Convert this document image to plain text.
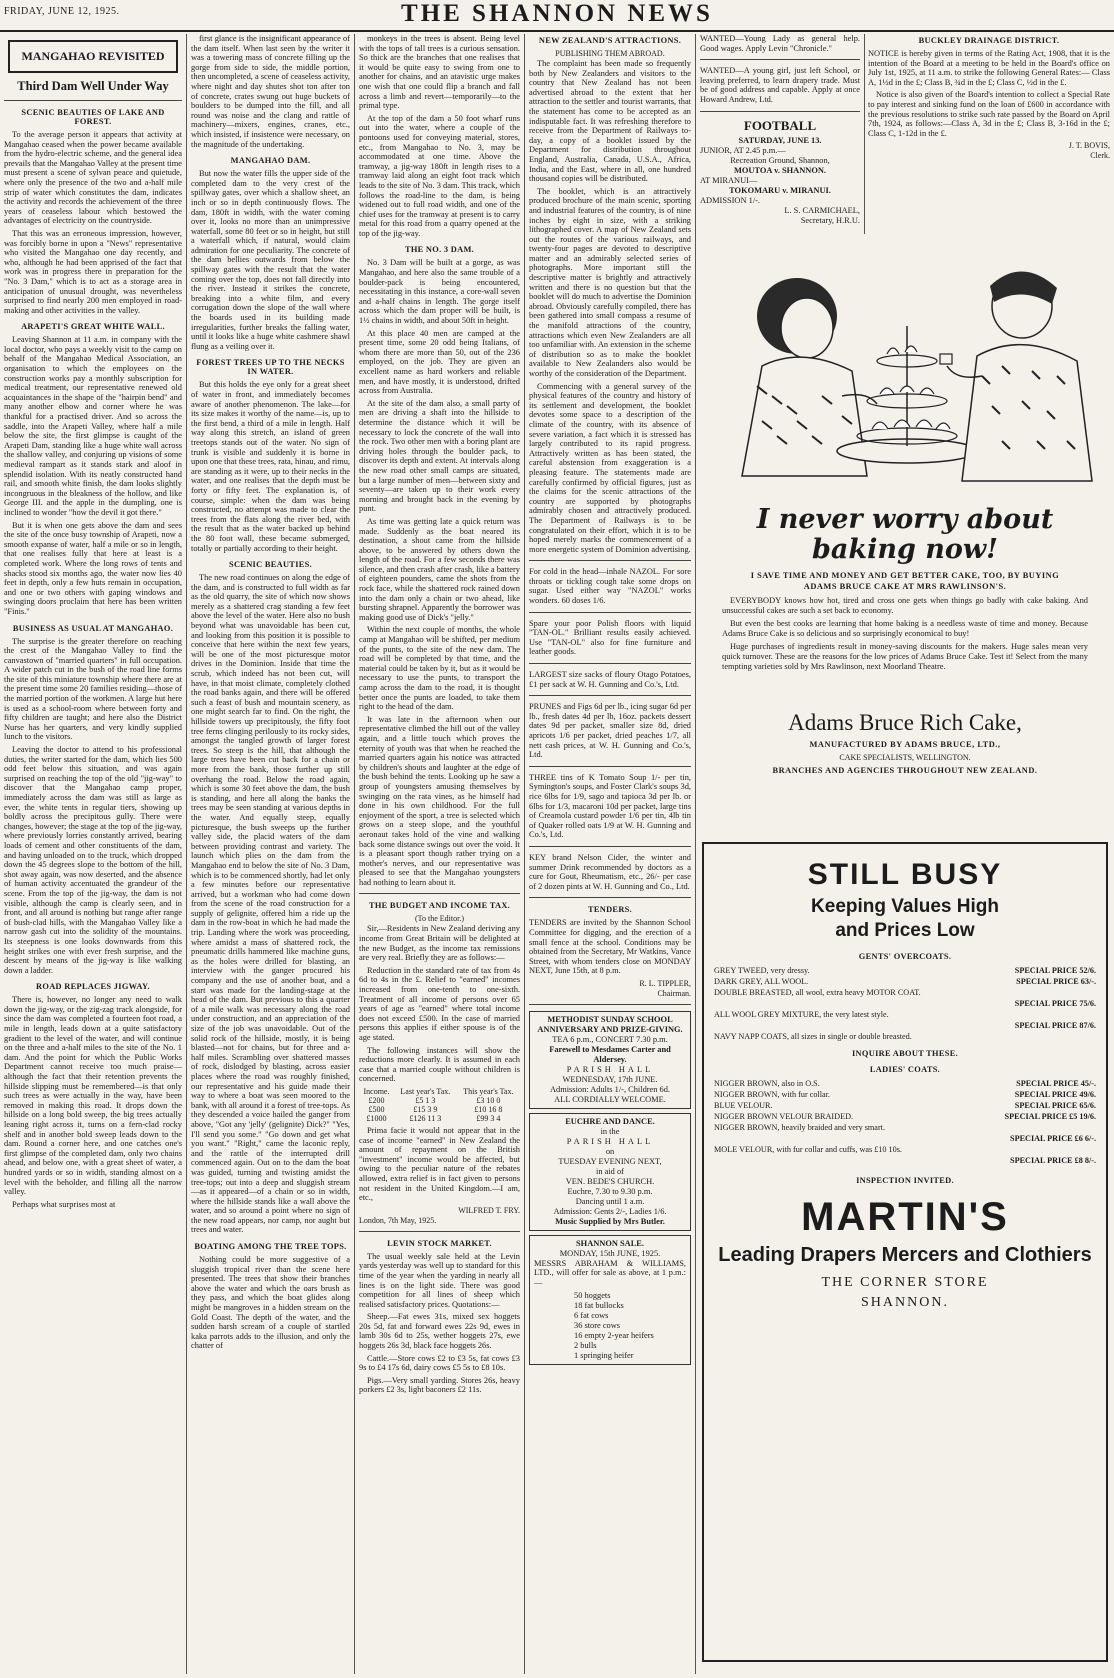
FRIDAY, JUNE 12, 1925.	THE SHANNON NEWS
MANGAHAO REVISITED
Third Dam Well Under Way
SCENIC BEAUTIES OF LAKE AND FOREST.

To the average person it appears that activity at Mangahao ceased when the power became available from the hydro-electric scheme, and the general idea prevails that the Mangahao Valley at the present time must present a scene of sylvan peace and quietude, where only the presence of the two and a-half mile strip of water which constitutes the dam, indicates the activity and records the achievement of the three years of ceaseless labour which bestowed the advantages of electricity on the countryside.

That this was an erroneous impression, however, was forcibly borne in upon a "News" representative who visited the Mangahao one day recently, and who, although he had been apprised of the fact that work was in progress there in preparation for the "No. 3 Dam," which is to act as a storage area in anticipation of unusual drought, was nevertheless surprised to find nearly 200 men employed in road-making and other activities in the valley.

ARAPETI'S GREAT WHITE WALL.

Leaving Shannon at 11 a.m. in company with the local doctor, who pays a weekly visit to the camp on behalf of the Mangahao Medical Association, an organisation to which the employees on the construction works pay a monthly subscription for medical treatment, our representative renewed old acquaintances in the shape of the "hairpin bend" and many another elbow and corner where he was thankful for a practised driver. And so across the saddle, into the Arapeti Valley, where half a mile below the site, the first glimpse is caught of the Arapeti Dam, standing like a huge white wall across the shallow valley, and conjuring up visions of some medieval rampart as it stands stark and aloof in splendid isolation. With its neatly constructed hand rail, and smooth white finish, the dam looks slightly incongruous in the bleakness of the hollow, and like George III. and the apple in the dumpling, one is inclined to wonder "how the devil it got there."

But it is when one gets above the dam and sees the site of the once busy township of Arapeti, now a smooth expanse of water, half a mile or so in length, that one realises fully that here at least is a completed work. Where the long rows of tents and shacks stood six months ago, the water now lies 40 feet in depth, only a few huts remain in occupation, and one or two others with gaping windows and swinging doors proclaim that here has been written "Finis."

BUSINESS AS USUAL AT MANGAHAO.

The surprise is the greater therefore on reaching the crest of the Mangahao Valley to find the canvastown of "married quarters" in full occupation. A wider patch cut in the bush of the road line forms the site of this miniature township where there are at the present time some 20 families residing—those of the married portion of the workmen. A large hut here is used as a school-room where between forty and fifty children are taught; and here also the District Nurse has her quarters, and very kindly supplied lunch to the visitors.

Leaving the doctor to attend to his professional duties, the writer started for the dam, which lies 500 odd feet below this situation, and was again surprised on reaching the top of the old "jig-way" to discover that the Mangahao camp proper, immediately across the dam was still as large as ever, the white tents in regular tiers, showing up boldly across the precipitous gully. There were changes, however; the stage at the top of the jig-way, where previously lorries constantly arrived, bearing loads of cement and other constituents of the dam, and having unloaded on to the truck, which dropped down the 45 degrees slope to the bottom of the hill, shot away again, was now deserted, and the absence of human activity accentuated the grandeur of the scene. From the top of the jig-way, the dam is not visible, although the camp is clearly seen, and in front, and all around is nothing but range after range of bush-clad hills, with the Mangahao Valley like a narrow gash cut into the solidity of the mountains. Its steepness is one looks downwards from this height strikes one with ever fresh surprise, and the descent by means of the jig-way is like walking down a ladder.

ROAD REPLACES JIGWAY.

There is, however, no longer any need to walk down the jig-way, or the zig-zag track alongside, for since the dam was completed a fourteen foot road, a mile in length, leads down at a quite satisfactory gradient to the level of the water, and will continue on the three and a-half miles to the site of the No. 1 dam. And the point for which the Public Works Department cannot receive too much praise—although the fact that their retention prevents the hillside slipping must be remembered—is that only such trees as were actually in the way, have been removed in making this road. It drops down the hillside on a long bold sweep, the big trees actually leaning right across it, turns on a fern-clad rocky shelf and in another bold sweep leads down to the dam. Round a corner here, and one catches one's first glimpse of the completed dam, only two chains ahead, and below one, with a great sheet of water, a hundred yards or so in width, standing almost on a level with the beholder, and filling all the narrow valley.

Perhaps what surprises most at

first glance is the insignificant appearance of the dam itself. When last seen by the writer it was a towering mass of concrete filling up the gorge from side to side, the middle portion, then uncompleted, a scene of ceaseless activity, where night and day shutes shot ton after ton of concrete, crates swung out huge buckets of boulders to be dumped into the fill, and all round was noise and the clang and rattle of machinery—mixers, engines, cranes, etc., which insisted, if insistence were necessary, on the magnitude of the undertaking.

MANGAHAO DAM.

But now the water fills the upper side of the completed dam to the very crest of the spillway gates, over which a shallow sheet, an inch or so in depth continuously flows. The dam, 180ft in width, with the water coming over it, looks no more than an unimpressive waterfall, some 80 feet or so in height, but still a waterfall which, if natural, would claim admiration for one peculiarity. The concrete of the dam bellies outwards from below the spillway gates with the result that the water coming over the top, does not fall directly into the river. Instead it strikes the concrete, breaking into a white film, and every corrugation down the slope of the wall where the boards used in its building made irregularities, further breaks the falling water, until it looks like a huge white cashmere shawl flung as a veiling over it.

FOREST TREES UP TO THE NECKS IN WATER.

But this holds the eye only for a great sheet of water in front, and immediately becomes aware of another phenomenon. The lake—for its size makes it worthy of the name—is, up to the first bend, a third of a mile in length. Half way along this stretch, an island of green treetops stands out of the water. No sign of trunk is visible and suddenly it is borne in upon one that these trees, rata, hinau, and rimu, are standing as it were, up to their necks in the water, and one realises that the depth must be forty or fifty feet. The explanation is, of course, simple: when the dam was being constructed, no attempt was made to clear the trees from the flats along the river bed, with the result that as the water backed up behind the 80 foot wall, these became submerged, totally or partially according to their height.

SCENIC BEAUTIES.

The new road continues on along the edge of the dam, and is constructed to full width as far as the old quarry, the site of which now shows merely as a shattered crag standing a few feet above the level of the water. Here also no bush beyond what was unavoidable has been cut, and looking from this position it is possible to conceive that here within the next few years, will be one of the most picturesque motor drives in the Dominion. Inside that time the scrub, which indeed has not been cut, will have, in that moist climate, completely clothed the road banks again, and there will be offered such a feast of bush and mountain scenery, as one might search far to find. On the right, the hillside towers up precipitously, the fifty foot tree ferns clinging perilously to its rocky sides, amongst the tangled growth of larger forest trees. So steep is the hill, that although the large trees have been cut back for a chain or more from the bank, those further up still overhang the road. Below the road again, which is some 30 feet above the dam, the bush is standing, and here all along the banks the trees may be seen standing at various depths in the water. And equally steep, equally picturesque, the bush sweeps up the further valley side, the placid waters of the dam between providing contrast and variety. The launch which plies on the dam from the Mangahao end to below the site of No. 3 Dam, which is to be commenced shortly, had let only a few minutes before our representative arrived, but a workman who had come down from the scene of the road construction for a supply of gelignite, offered him a ride up the dam in the row-boat in which he had made the trip. Landing where the work was proceeding, where amidst a mass of shattered rock, the pneumatic drills hammered like machine guns, as the holes were drilled for blasting, an interview with the ganger procured his company and the use of another boat, and a start was made for the landing-stage at the head of the dam. But previous to this a quarter of a mile walk was necessary along the road under construction, and an appreciation of the size of the job was unavoidable. Out of the solid rock of the hillside, mostly, it is being blasted—not for chains, but for three and a-half miles. Scrambling over shattered masses of rock, dislodged by blasting, across easier places where the road was roughly finished, our representative and his guide made their way to where a boat was seen moored to the bank, with all around it a forest of tree-tops. As they descended a voice hailed the ganger from above, "Got any 'jelly' (gelignite) Dick?" "Yes, I'll send you some." "Go down and get what you want." "Right," came the laconic reply, and the rattle of the interrupted drill commenced again. Out on to the dam the boat was guided, turning and twisting amidst the tree-tops; out into a deep and sluggish stream—as it appeared—of a chain or so in width, where the hillside stands like a wall above the water, and so around a point where no sign of the new road appears, nor camp, nor aught but trees and water.

BOATING AMONG THE TREE TOPS.

Nothing could be more suggestive of a sluggish tropical river than the scene here presented. The trees that show their branches above the water and which the oars brush as they pass, and which the boat glides along might be mangroves in a hidden stream on the Gold Coast. The depth of the water, and the sudden harsh scream of a couple of startled kaka parrots adds to the illusion, and only the chatter of

monkeys in the trees is absent. Being level with the tops of tall trees is a curious sensation. So thick are the branches that one realises that it would be quite easy to swing from one to another for chains, and an atavistic urge makes one wish that one could flip a branch and fall across a limb and revert—temporarily—to the primal type.

At the top of the dam a 50 foot wharf runs out into the water, where a couple of the pontoons used for conveying material, stores, etc., from Mangahao to No. 3, may be accommodated at one time. Above the tramway, a jig-way 180ft in length rises to a tramway laid along an eight foot track which leads to the site of No. 3 dam. This track, which follows the road-line to the dam, is being widened out to full road width, and one of the chief uses for the tramway at present is to carry metal for this road from a quarry opened at the top of the jig-way.

THE NO. 3 DAM.

No. 3 Dam will be built at a gorge, as was Mangahao, and here also the same trouble of a boulder-pack is being encountered, necessitating in this instance, a core-wall seven and a-half chains in length. The gorge itself across which the dam proper will be built, is 1½ chains in width, and about 50ft in height.

At this place 40 men are camped at the present time, some 20 odd being Italians, of whom there are more than 50, out of the 236 employed, on the job. They are given an excellent name as hard workers and reliable men, and have mostly, it is understood, drifted across from Australia.

At the site of the dam also, a small party of men are driving a shaft into the hillside to determine the distance which it will be necessary to lock the concrete of the wall into the rock. Two other men with a boring plant are driving holes through the boulder pack, to discover its depth and extent. At intervals along the new road other small camps are situated, but a large number of men—between sixty and seventy—are taken up to their work every morning and brought back in the evening by punt.

As time was getting late a quick return was made. Suddenly as the boat neared its destination, a shout came from the hillside above, to be answered by others down the length of the road. For a few seconds there was silence, and then crash after crash, like a battery of eighteen pounders, came the shots from the rock face, while the shattered rock rained down into the dam only a chain or two ahead, like bursting shrapnel. Apparently the borrower was making good use of Dick's "jelly."

Within the next couple of months, the whole camp at Mangahao will be shifted, per medium of the punts, to the site of the new dam. The road will be completed by that time, and the material could be taken by it, but as it would be necessary to use the punts, to transport the camp across the dam to the road, it is thought better once the punts are loaded, to take them right to the head of the dam.

It was late in the afternoon when our representative climbed the hill out of the valley again, and a little touch which proves the eternity of youth was that when he reached the married quarters again his notice was attracted by children's shouts and laughter at the edge of the bush behind the tents. Looking up he saw a group of youngsters amusing themselves by swinging on the rata vines, as he himself had done in his own childhood. For the full enjoyment of the sport, a tree is selected which grows on a steep slope, and the youthful aeronaut takes hold of the vine and walking back some distance swings out over the void. It is a pleasant sport though rather trying on a mother's nerves, and our representative was pleased to see that the Mangahao youngsters had nothing to learn about it.

THE BUDGET AND INCOME TAX.
(To the Editor.)

Sir,—Residents in New Zealand deriving any income from Great Britain will be delighted at the new Budget, as the income tax remissions are very real. Briefly they are as follows:—

Reduction in the standard rate of tax from 4s 6d to 4s in the £. Relief to "earned" incomes increased from one-tenth to one-sixth. Treatment of all income of persons over 65 years of age as "earned" where total income does not exceed £500. In the case of married persons this applies if either spouse is of the age stated.

The following instances will show the reductions more clearly. It is assumed in each case that a married couple without children is concerned.

Income.	Last year's Tax.	This year's Tax.
£200	£5 1 3	£3 10 0
£500	£15 3 9	£10 16 8
£1000	£126 11 3	£99 3 4

Prima facie it would not appear that in the case of income "earned" in New Zealand the amount of repayment on the British "investment" income would be affected, but owing to the peculiar nature of the rebates allowed, extra relief is in fact given to persons not resident in the United Kingdom.—I am, etc.,

WILFRED T. FRY.
London, 7th May, 1925.
LEVIN STOCK MARKET.

The usual weekly sale held at the Levin yards yesterday was well up to standard for this time of the year when the yarding in nearly all lines is on the light side. There was good competition for all lines of sheep which realised satisfactory prices. Quotations:—

Sheep.—Fat ewes 31s, mixed sex hoggets 20s 5d, fat and forward ewes 22s 9d, ewes in lamb 30s 6d to 25s, wether hoggets 27s, ewe hoggets 26s 3d, black face hoggets 26s.

Cattle.—Store cows £2 to £3 5s, fat cows £3 9s to £4 17s 6d, dairy cows £5 5s to £8 10s.

Pigs.—Very small yarding. Stores 26s, heavy porkers £2 3s, light baconers £2 11s.

NEW ZEALAND'S ATTRACTIONS.
PUBLISHING THEM ABROAD.

The complaint has been made so frequently both by New Zealanders and visitors to the country that New Zealand has not been advertised abroad to the extent that her attraction to the settler and tourist warrants, that the statement has come to be accepted as an indisputable fact. It was refreshing therefore to receive from the Department of Railways to-day, a copy of a booklet issued by the Department for distribution throughout England, Australia, Canada, U.S.A., Africa, India, and the East, where in all, one hundred thousand copies will be distributed.

The booklet, which is an attractively produced brochure of the main scenic, sporting and industrial features of the country, is of nine inches by eight in size, with a striking lithographed cover. A map of New Zealand sets out the routes of the various railways, and twenty-four pages are devoted to descriptive matter and an admirably selected series of photographs. More important still the descriptive matter is brightly and attractively written and there is no question but that the booklet will do much to advertise the Dominion abroad. Obviously carefully compiled, there has been gathered into small compass a resume of the manifold attractions of the country, attractions which even New Zealanders are all too unfamiliar with. An extension in the scheme of distribution so as to make the booklet available to New Zealanders also would be worthy of the consideration of the Department.

Commencing with a general survey of the physical features of the country and history of its settlement and development, the booklet devotes some space to a description of the climate of the country, with its absence of severe variation, a fact which it is stressed has largely contributed to its rapid progress. Attractively written as has been stated, the careful abstension from exaggeration is a pleasing feature. The statements made are carefully confirmed by official figures, just as the claims for the scenic attractions of the country are supported by photographs admirably chosen and attractively produced. The Department of Railways is to be congratulated on their effort, which it is to be hoped merely marks the commencement of a more energetic system of Dominion advertising.

For cold in the head—inhale NAZOL. For sore throats or tickling cough take some drops on sugar. Used either way "NAZOL" works wonders. 60 doses 1/6.

Spare your poor Polish floors with liquid "TAN-OL." Brilliant results easily achieved. Use "TAN-OL" also for fine furniture and leather goods.

LARGEST size sacks of floury Otago Potatoes, £1 per sack at W. H. Gunning and Co.'s, Ltd.

PRUNES and Figs 6d per lb., icing sugar 6d per lb., fresh dates 4d per lb, 16oz. packets dessert dates 9d per packet, smaller size 8d, dried apricots 1/6 per packet, dried peaches 1/7, all nett cash prices, at W. H. Gunning and Co.'s, Ltd.

THREE tins of K Tomato Soup 1/- per tin, Symington's soups, and Foster Clark's soups 3d, rice 6lbs for 1/9, sago and tapioca 3d per lb. or 6lbs for 1/3, macaroni 10d per packet, large tins of Creamola custard powder 1/6 per tin, 4lb tin of Quaker rolled oats 1/9 at W. H. Gunning and Co.'s, Ltd.

KEY brand Nelson Cider, the winter and summer Drink recommended by doctors as a cure for Gout, Rheumatism, etc., 26/- per case of 2 dozen pints at W. H. Gunning and Co., Ltd.

TENDERS.

TENDERS are invited by the Shannon School Committee for digging, and the erection of a small fence at the school. Conditions may be obtained from the Secretary, Mr Watkins, Vance Street, with whom tenders close on MONDAY NEXT, June 15th, at 8 p.m.

R. L. TIPPLER,
Chairman.
METHODIST SUNDAY SCHOOL
ANNIVERSARY AND PRIZE-GIVING.
TEA 6 p.m., CONCERT 7.30 p.m.
Farewell to Mesdames Carter and Aldersey.
PARISH HALL
WEDNESDAY, 17th JUNE.
Admission: Adults 1/-, Children 6d.
ALL CORDIALLY WELCOME.
EUCHRE AND DANCE.
in the
PARISH HALL
on
TUESDAY EVENING NEXT,
in aid of
VEN. BEDE'S CHURCH.
Euchre, 7.30 to 9.30 p.m.
Dancing until 1 a.m.
Admission: Gents 2/-, Ladies 1/6.
Music Supplied by Mrs Butler.
SHANNON SALE.
MONDAY, 15th JUNE, 1925.

MESSRS ABRAHAM & WILLIAMS, LTD., will offer for sale as above, at 1 p.m.:—

50 hoggets
18 fat bullocks
6 fat cows
36 store cows
16 empty 2-year heifers
2 bulls
1 springing heifer

WANTED—Young Lady as general help. Good wages. Apply Levin "Chronicle."

WANTED—A young girl, just left School, or leaving preferred, to learn drapery trade. Must be of good address and capable. Apply at once Howard Andrew, Ltd.

FOOTBALL
SATURDAY, JUNE 13.
JUNIOR, AT 2.45 p.m.—
Recreation Ground, Shannon,
MOUTOA v. SHANNON.
AT MIRANUI—
TOKOMARU v. MIRANUI.
ADMISSION 1/-.
L. S. CARMICHAEL,
Secretary, H.R.U.
BUCKLEY DRAINAGE DISTRICT.

NOTICE is hereby given in terms of the Rating Act, 1908, that it is the intention of the Board at a meeting to be held in the Board's office on July 1st, 1925, at 11 a.m. to strike the following General Rates:— Class A, 1½d in the £; Class B, ¾d in the £; Class C, ½d in the £.

Notice is also given of the Board's intention to collect a Special Rate to pay interest and sinking fund on the loan of £600 in accordance with the previous resolutions to strike such rate passed by the Board on April 7th, 1924, as follows:—Class A, 3d in the £; Class B, 3-16d in the £; Class C, 1-12d in the £.

J. T. BOVIS,
Clerk.
I never worry about baking now!
I SAVE TIME AND MONEY AND GET BETTER CAKE, TOO, BY BUYING ADAMS BRUCE CAKE AT MRS RAWLINSON'S.

EVERYBODY knows how hot, tired and cross one gets when things go badly with cake baking. And unsuccessful cakes are such a set back to economy.

But even the best cooks are learning that home baking is a needless waste of time and money. Because Adams Bruce Cake is so delicious and so surprisingly economical to buy!

Huge purchases of ingredients result in money-saving discounts for the makers. Huge sales mean very quick turnover. These are the reasons for the low prices of Adams Bruce Cake. Test it! Select from the many tempting varieties sold by Mrs Rawlinson, next Moorland Theatre.

Adams Bruce Rich Cake,
MANUFACTURED BY ADAMS BRUCE, LTD.,
CAKE SPECIALISTS, WELLINGTON.
BRANCHES AND AGENCIES THROUGHOUT NEW ZEALAND.
STILL BUSY
Keeping Values High
and Prices Low
GENTS' OVERCOATS.
GREY TWEED, very dressy.	SPECIAL PRICE 52/6.
DARK GREY, ALL WOOL.	SPECIAL PRICE 63/-.
DOUBLE BREASTED, all wool, extra heavy MOTOR COAT.
SPECIAL PRICE 75/6.
ALL WOOL GREY MIXTURE, the very latest style.
SPECIAL PRICE 87/6.
NAVY NAPP COATS, all sizes in single or double breasted.
INQUIRE ABOUT THESE.
LADIES' COATS.
NIGGER BROWN, also in O.S.	SPECIAL PRICE 45/-.
NIGGER BROWN, with fur collar.	SPECIAL PRICE 49/6.
BLUE VELOUR.	SPECIAL PRICE 65/6.
NIGGER BROWN VELOUR BRAIDED.	SPECIAL PRICE £5 19/6.
NIGGER BROWN, heavily braided and very smart.
SPECIAL PRICE £6 6/-.
MOLE VELOUR, with fur collar and cuffs, was £10 10s.
SPECIAL PRICE £8 8/-.
INSPECTION INVITED.
MARTIN'S
Leading Drapers Mercers and Clothiers
THE CORNER STORE
SHANNON.
